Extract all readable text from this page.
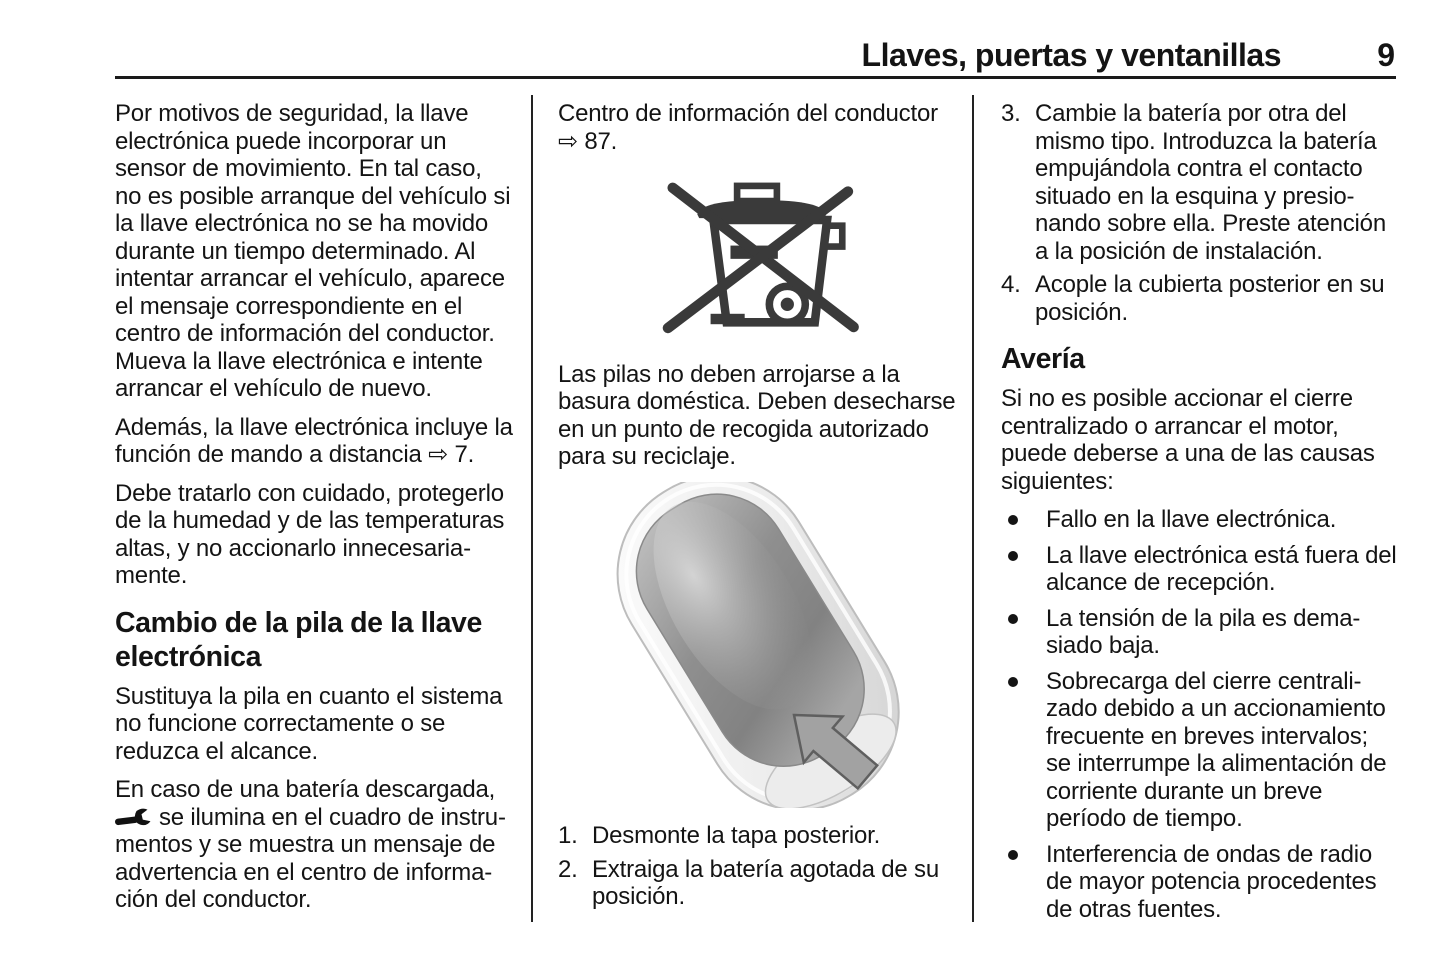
Llaves, puertas y ventanillas	9

Por motivos de seguridad, la llave electrónica puede incorporar un sensor de movimiento. En tal caso, no es posible arranque del vehículo si la llave electrónica no se ha movido durante un tiempo determinado. Al intentar arrancar el vehículo, aparece el mensaje correspondiente en el centro de información del conductor. Mueva la llave electrónica e intente arrancar el vehículo de nuevo.

Además, la llave electrónica incluye la función de mando a distancia ⇨ 7.

Debe tratarlo con cuidado, protegerlo de la humedad y de las temperaturas altas, y no accionarlo innecesariamente.

Cambio de la pila de la llave electrónica

Sustituya la pila en cuanto el sistema no funcione correctamente o se reduzca el alcance.

En caso de una batería descargada, se ilumina en el cuadro de instrumentos y se muestra un mensaje de advertencia en el centro de información del conductor.

Centro de información del conductor ⇨ 87.

Las pilas no deben arrojarse a la basura doméstica. Deben desecharse en un punto de recogida autorizado para su reciclaje.

1. Desmonte la tapa posterior.
2. Extraiga la batería agotada de su posición.
3. Cambie la batería por otra del mismo tipo. Introduzca la batería empujándola contra el contacto situado en la esquina y presionando sobre ella. Preste atención a la posición de instalación.
4. Acople la cubierta posterior en su posición.
Avería

Si no es posible accionar el cierre centralizado o arrancar el motor, puede deberse a una de las causas siguientes:

Fallo en la llave electrónica.
La llave electrónica está fuera del alcance de recepción.
La tensión de la pila es demasiado baja.
Sobrecarga del cierre centralizado debido a un accionamiento frecuente en breves intervalos; se interrumpe la alimentación de corriente durante un breve período de tiempo.
Interferencia de ondas de radio de mayor potencia procedentes de otras fuentes.
